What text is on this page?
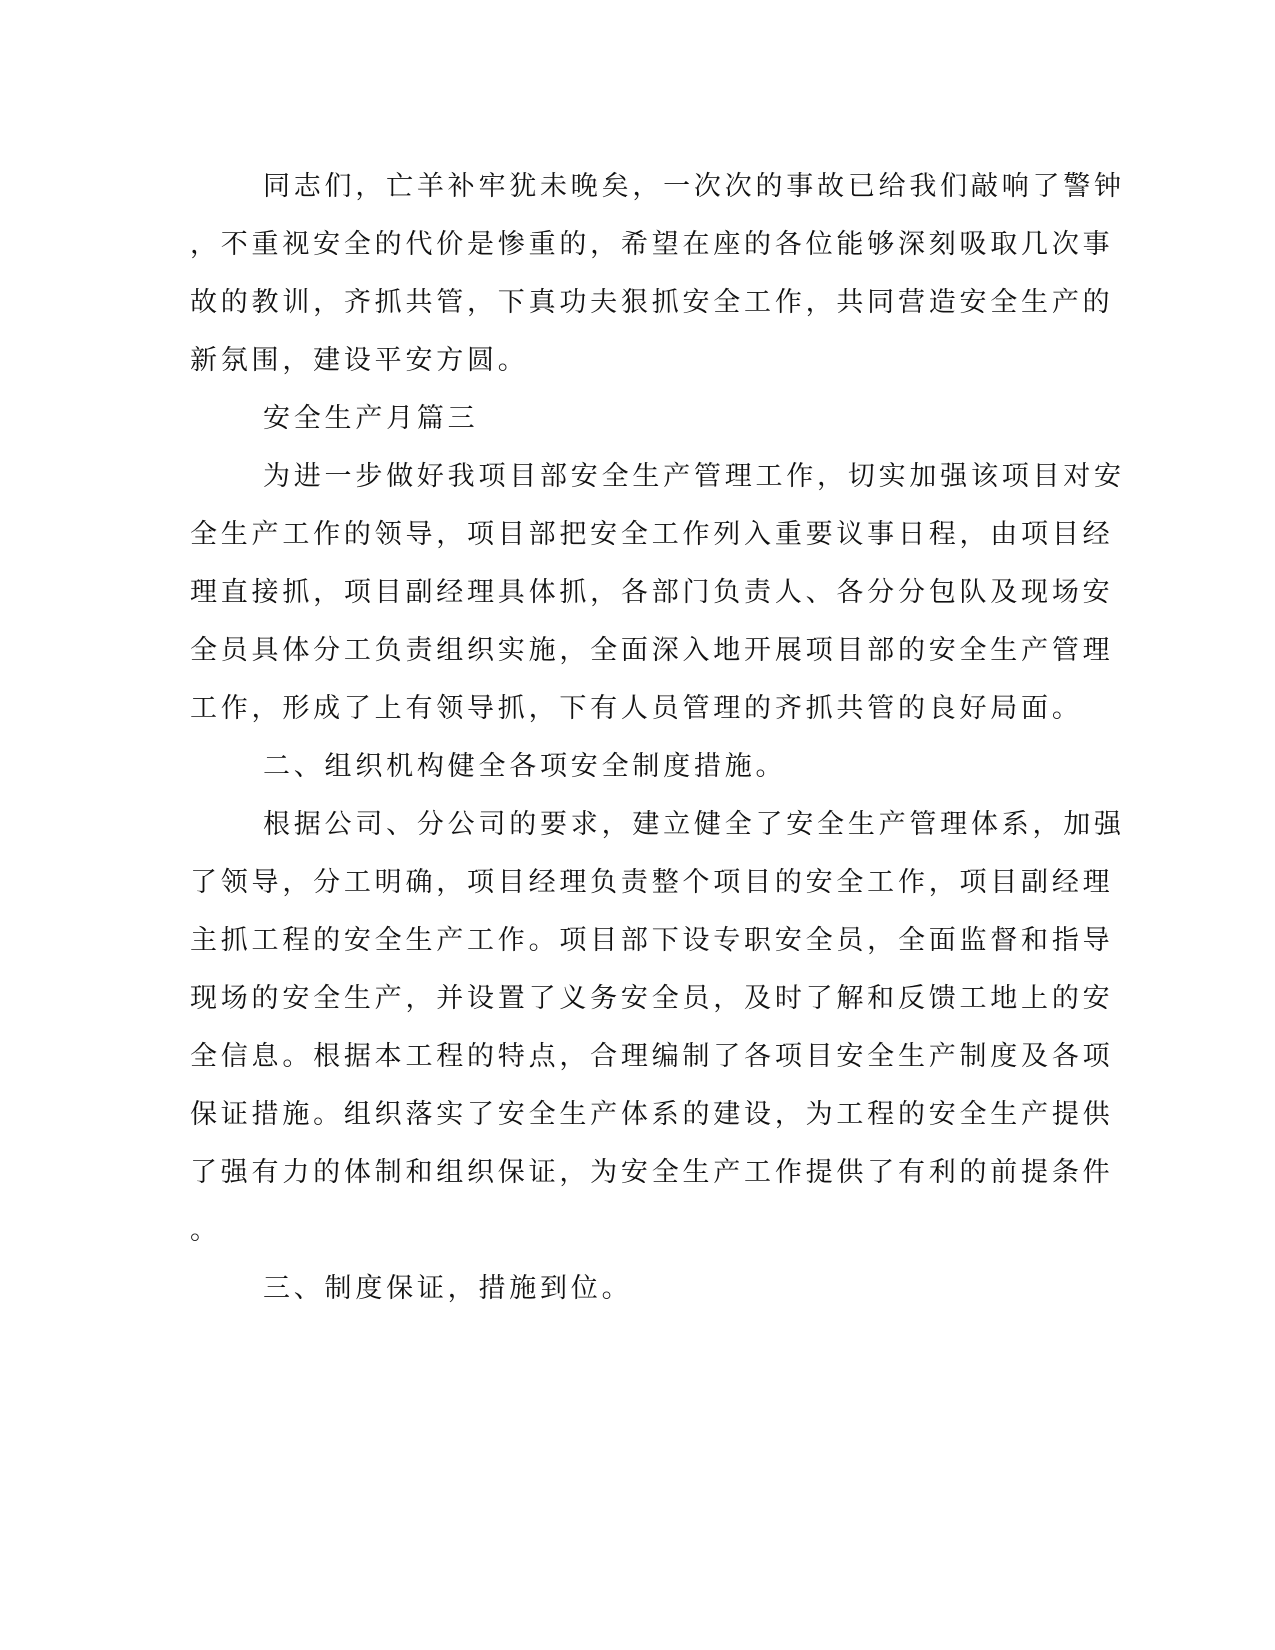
同志们，亡羊补牢犹未晚矣，一次次的事故已给我们敲响了警钟
，不重视安全的代价是惨重的，希望在座的各位能够深刻吸取几次事
故的教训，齐抓共管，下真功夫狠抓安全工作，共同营造安全生产的
新氛围，建设平安方圆。
安全生产月篇三
为进一步做好我项目部安全生产管理工作，切实加强该项目对安
全生产工作的领导，项目部把安全工作列入重要议事日程，由项目经
理直接抓，项目副经理具体抓，各部门负责人、各分分包队及现场安
全员具体分工负责组织实施，全面深入地开展项目部的安全生产管理
工作，形成了上有领导抓，下有人员管理的齐抓共管的良好局面。
二、组织机构健全各项安全制度措施。
根据公司、分公司的要求，建立健全了安全生产管理体系，加强
了领导，分工明确，项目经理负责整个项目的安全工作，项目副经理
主抓工程的安全生产工作。项目部下设专职安全员，全面监督和指导
现场的安全生产，并设置了义务安全员，及时了解和反馈工地上的安
全信息。根据本工程的特点，合理编制了各项目安全生产制度及各项
保证措施。组织落实了安全生产体系的建设，为工程的安全生产提供
了强有力的体制和组织保证，为安全生产工作提供了有利的前提条件
。
三、制度保证，措施到位。
